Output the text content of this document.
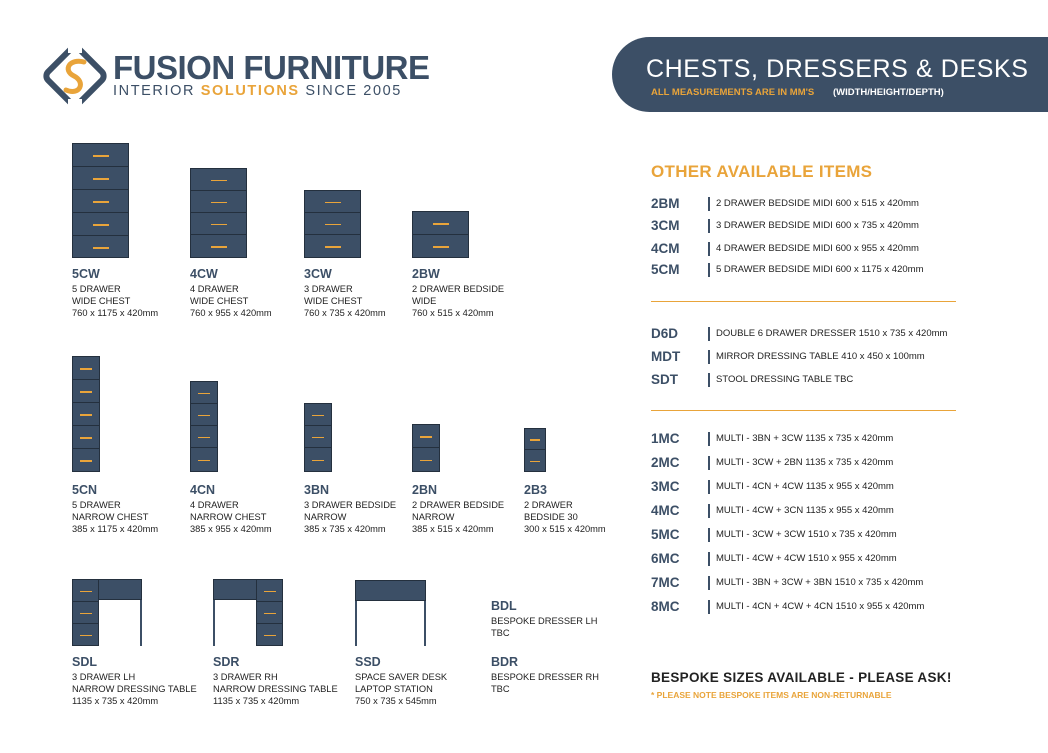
FUSION FURNITURE
INTERIOR SOLUTIONS SINCE 2005
CHESTS, DRESSERS & DESKS
ALL MEASUREMENTS ARE IN MM'S (WIDTH/HEIGHT/DEPTH)
5CW
5 DRAWER
WIDE CHEST
760 x 1175 x 420mm
4CW
4 DRAWER
WIDE CHEST
760 x 955 x 420mm
3CW
3 DRAWER
WIDE CHEST
760 x 735 x 420mm
2BW
2 DRAWER BEDSIDE
WIDE
760 x 515 x 420mm
5CN
5 DRAWER
NARROW CHEST
385 x 1175 x 420mm
4CN
4 DRAWER
NARROW CHEST
385 x 955 x 420mm
3BN
3 DRAWER BEDSIDE
NARROW
385 x 735 x 420mm
2BN
2 DRAWER BEDSIDE
NARROW
385 x 515 x 420mm
2B3
2 DRAWER
BEDSIDE 30
300 x 515 x 420mm
SDL
3 DRAWER LH
NARROW DRESSING TABLE
1135 x 735 x 420mm
SDR
3 DRAWER RH
NARROW DRESSING TABLE
1135 x 735 x 420mm
SSD
SPACE SAVER DESK
LAPTOP STATION
750 x 735 x 545mm
BDL
BESPOKE DRESSER LH
TBC
BDR
BESPOKE DRESSER RH
TBC
OTHER AVAILABLE ITEMS
2BM	2 DRAWER BEDSIDE MIDI 600 x 515 x 420mm
3CM	3 DRAWER BEDSIDE MIDI 600 x 735 x 420mm
4CM	4 DRAWER BEDSIDE MIDI 600 x 955 x 420mm
5CM	5 DRAWER BEDSIDE MIDI 600 x 1175 x 420mm
D6D	DOUBLE 6 DRAWER DRESSER 1510 x 735 x 420mm
MDT	MIRROR DRESSING TABLE 410 x 450 x 100mm
SDT	STOOL DRESSING TABLE TBC
1MC	MULTI - 3BN + 3CW 1135 x 735 x 420mm
2MC	MULTI - 3CW + 2BN 1135 x 735 x 420mm
3MC	MULTI - 4CN + 4CW 1135 x 955 x 420mm
4MC	MULTI - 4CW + 3CN 1135 x 955 x 420mm
5MC	MULTI - 3CW + 3CW 1510 x 735 x 420mm
6MC	MULTI - 4CW + 4CW 1510 x 955 x 420mm
7MC	MULTI - 3BN + 3CW + 3BN 1510 x 735 x 420mm
8MC	MULTI - 4CN + 4CW + 4CN 1510 x 955 x 420mm
BESPOKE SIZES AVAILABLE - PLEASE ASK!
* PLEASE NOTE BESPOKE ITEMS ARE NON-RETURNABLE
